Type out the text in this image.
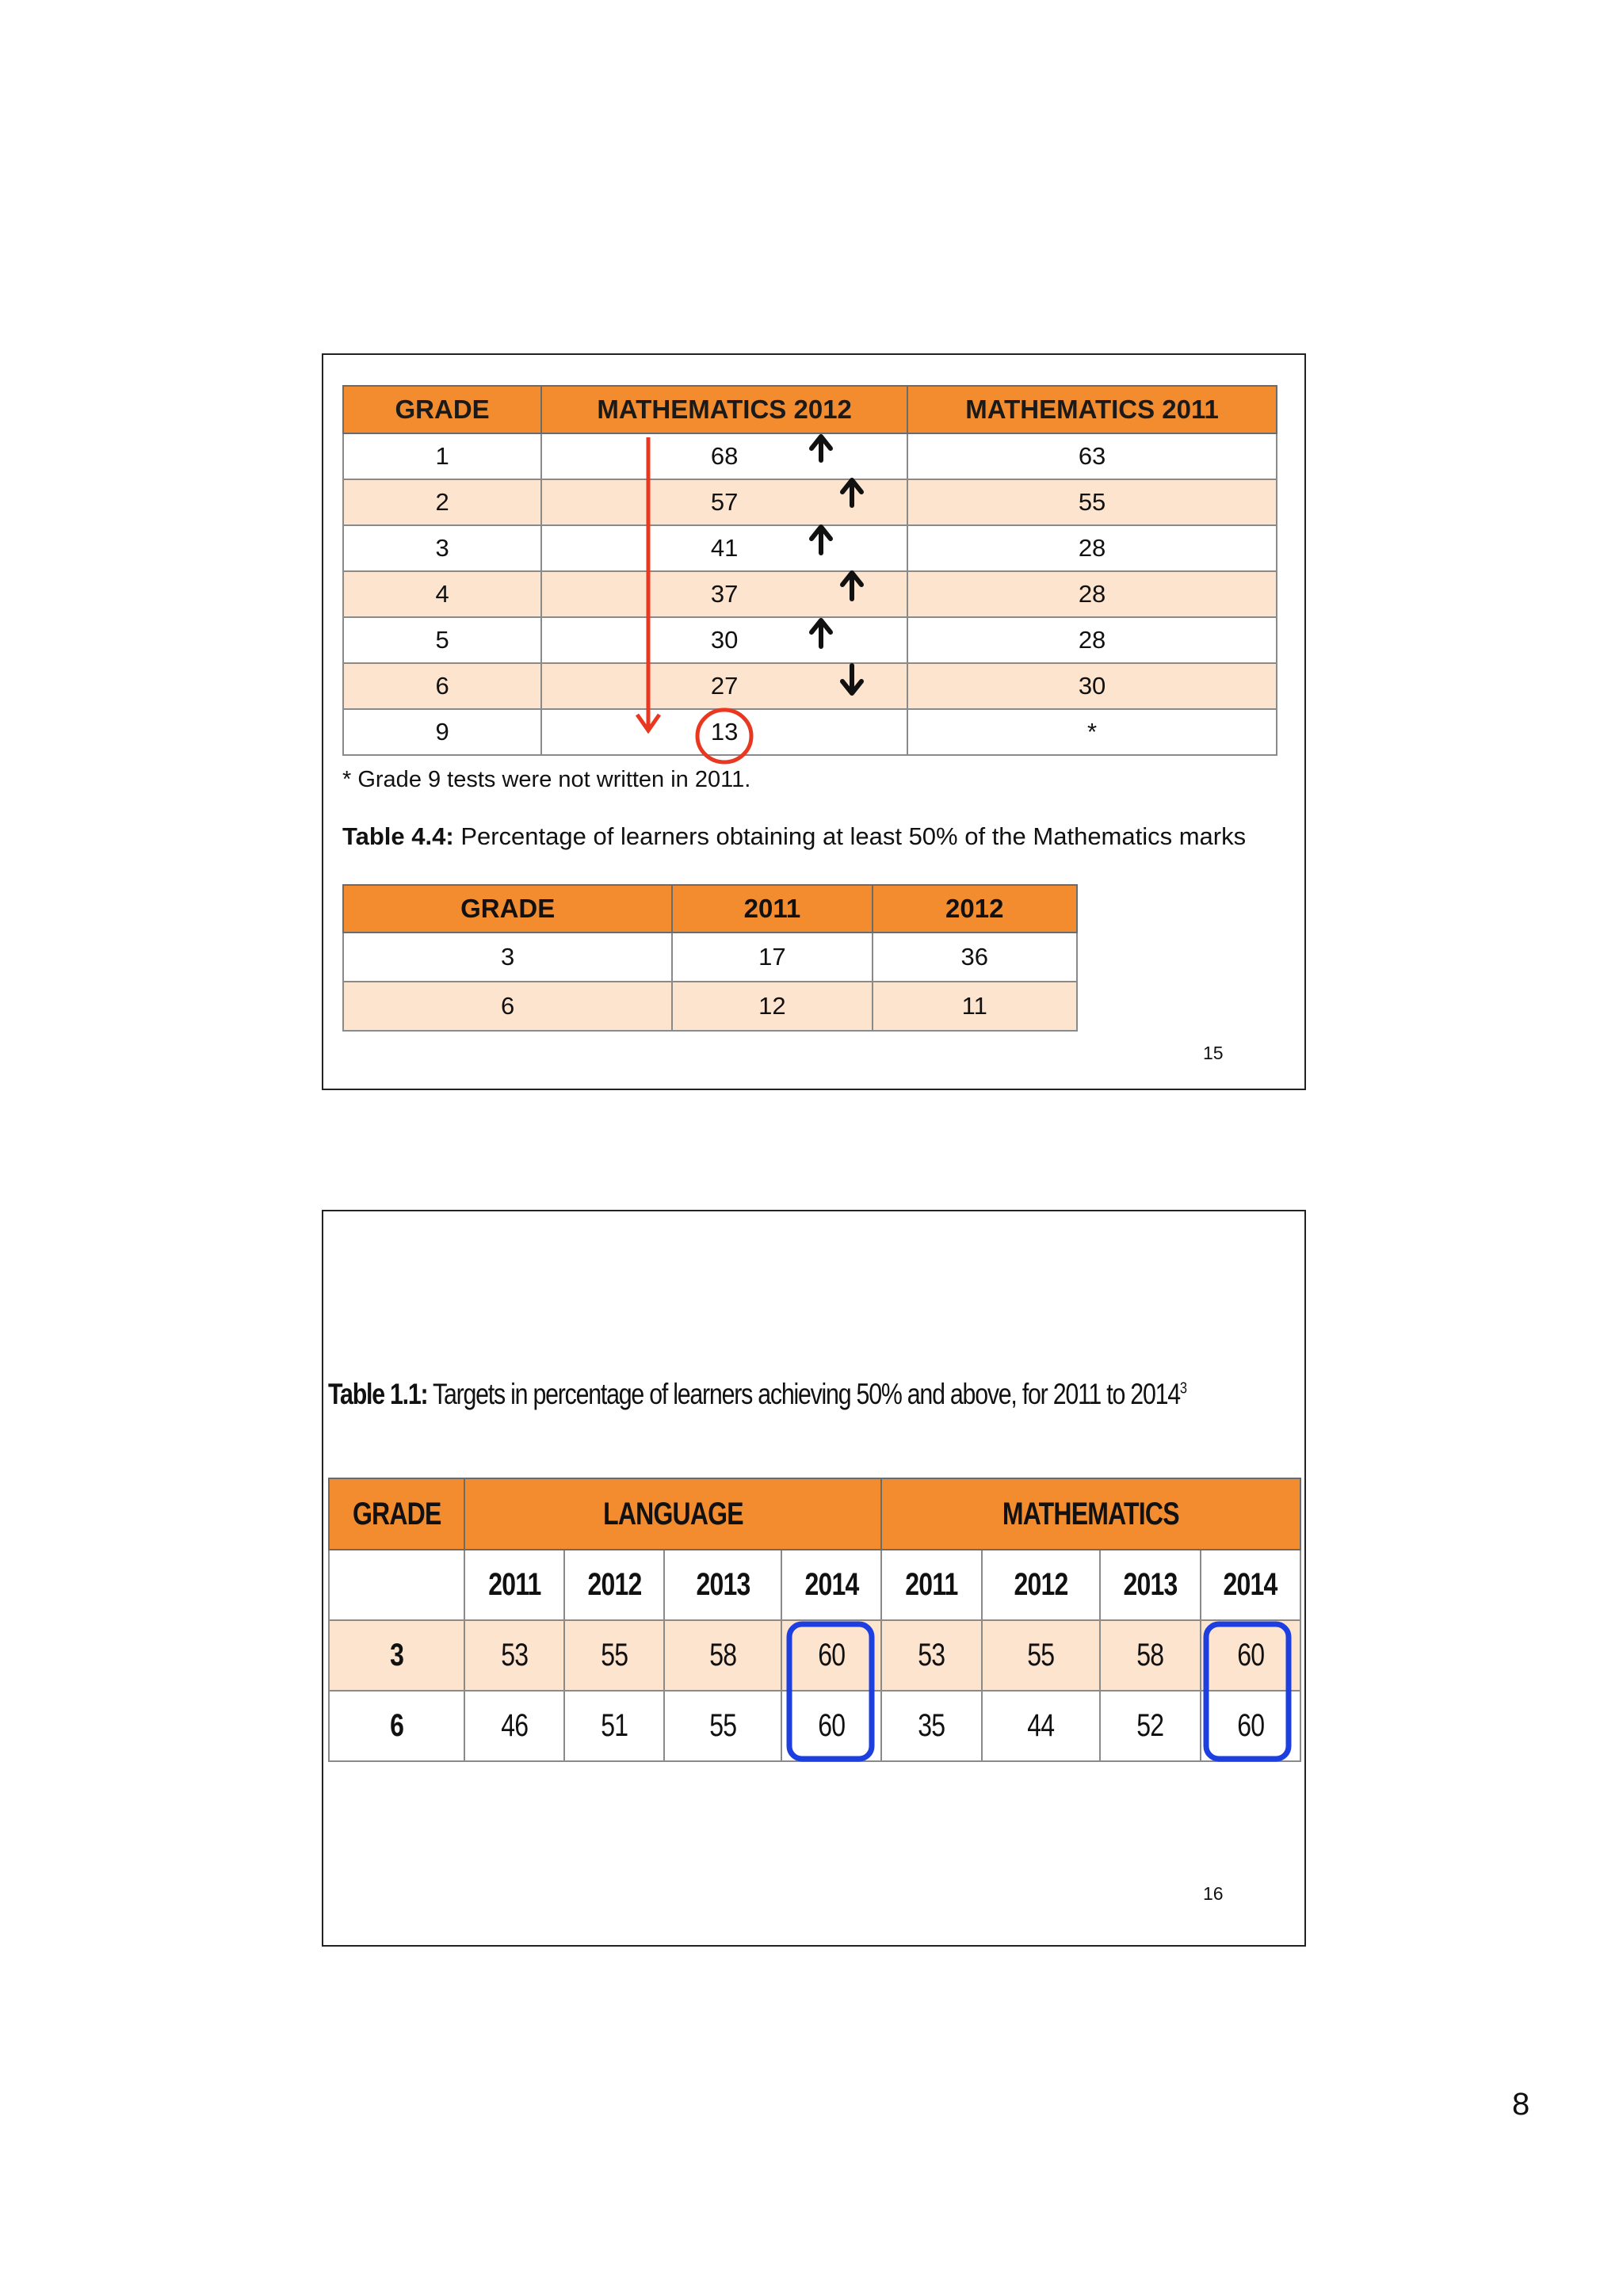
GRADE	MATHEMATICS 2012	MATHEMATICS 2011
1	68	63
2	57	55
3	41	28
4	37	28
5	30	28
6	27	30
9	13	*
* Grade 9 tests were not written in 2011.
Table 4.4: Percentage of learners obtaining at least 50% of the Mathematics marks
GRADE	2011	2012
3	17	36
6	12	11
15
Table 1.1: Targets in percentage of learners achieving 50% and above, for 2011 to 2014$^3$
GRADE	LANGUAGE				MATHEMATICS			
	2011	2012	2013	2014	2011	2012	2013	2014
3	53	55	58	60	53	55	58	60
6	46	51	55	60	35	44	52	60
16
8
